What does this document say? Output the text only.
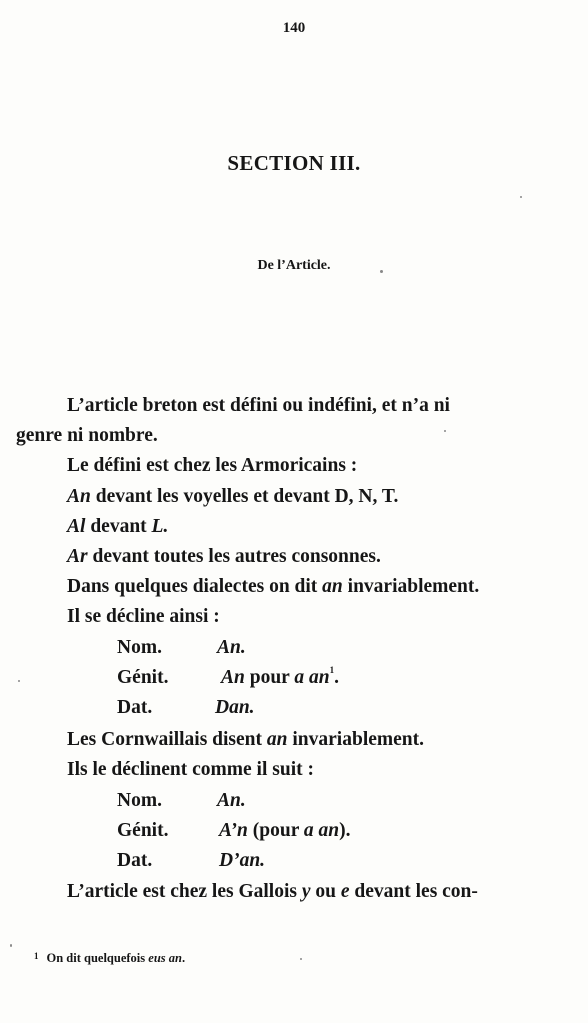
140
SECTION III.
De l’Article.
L’article breton est défini ou indéfini, et n’a ni
genre ni nombre.
Le défini est chez les Armoricains :
An devant les voyelles et devant D, N, T.
Al devant L.
Ar devant toutes les autres consonnes.
Dans quelques dialectes on dit an invariablement.
Il se décline ainsi :
Nom.	An.
Génit.	An pour a $an^1$.
Dat.	Dan.
Les Cornwaillais disent an invariablement.
Ils le déclinent comme il suit :
Nom.	An.
Génit.	A’n (pour a an).
Dat.	D’an.
L’article est chez les Gallois y ou e devant les con-
$^1$ On dit quelquefois eus an.
